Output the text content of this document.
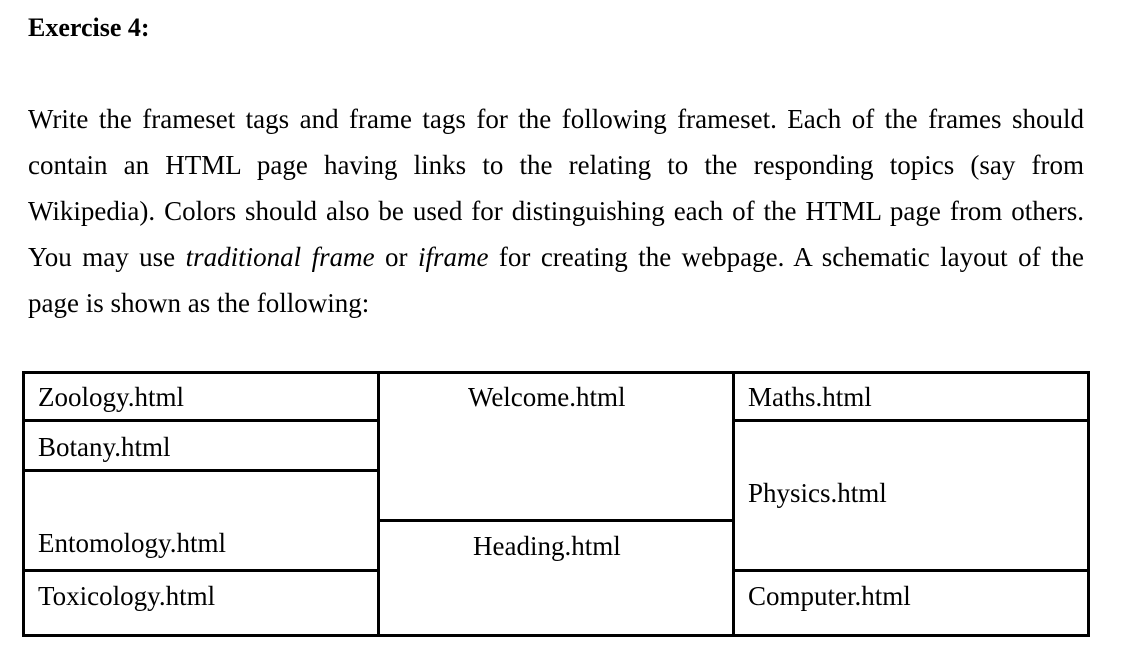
Exercise 4:
Write the frameset tags and frame tags for the following frameset. Each of the frames should contain an HTML page having links to the relating to the responding topics (say from Wikipedia). Colors should also be used for distinguishing each of the HTML page from others. You may use traditional frame or iframe for creating the webpage. A schematic layout of the page is shown as the following:
Zoology.html
Botany.html
Entomology.html
Toxicology.html
Welcome.html
Heading.html
Maths.html
Physics.html
Computer.html
